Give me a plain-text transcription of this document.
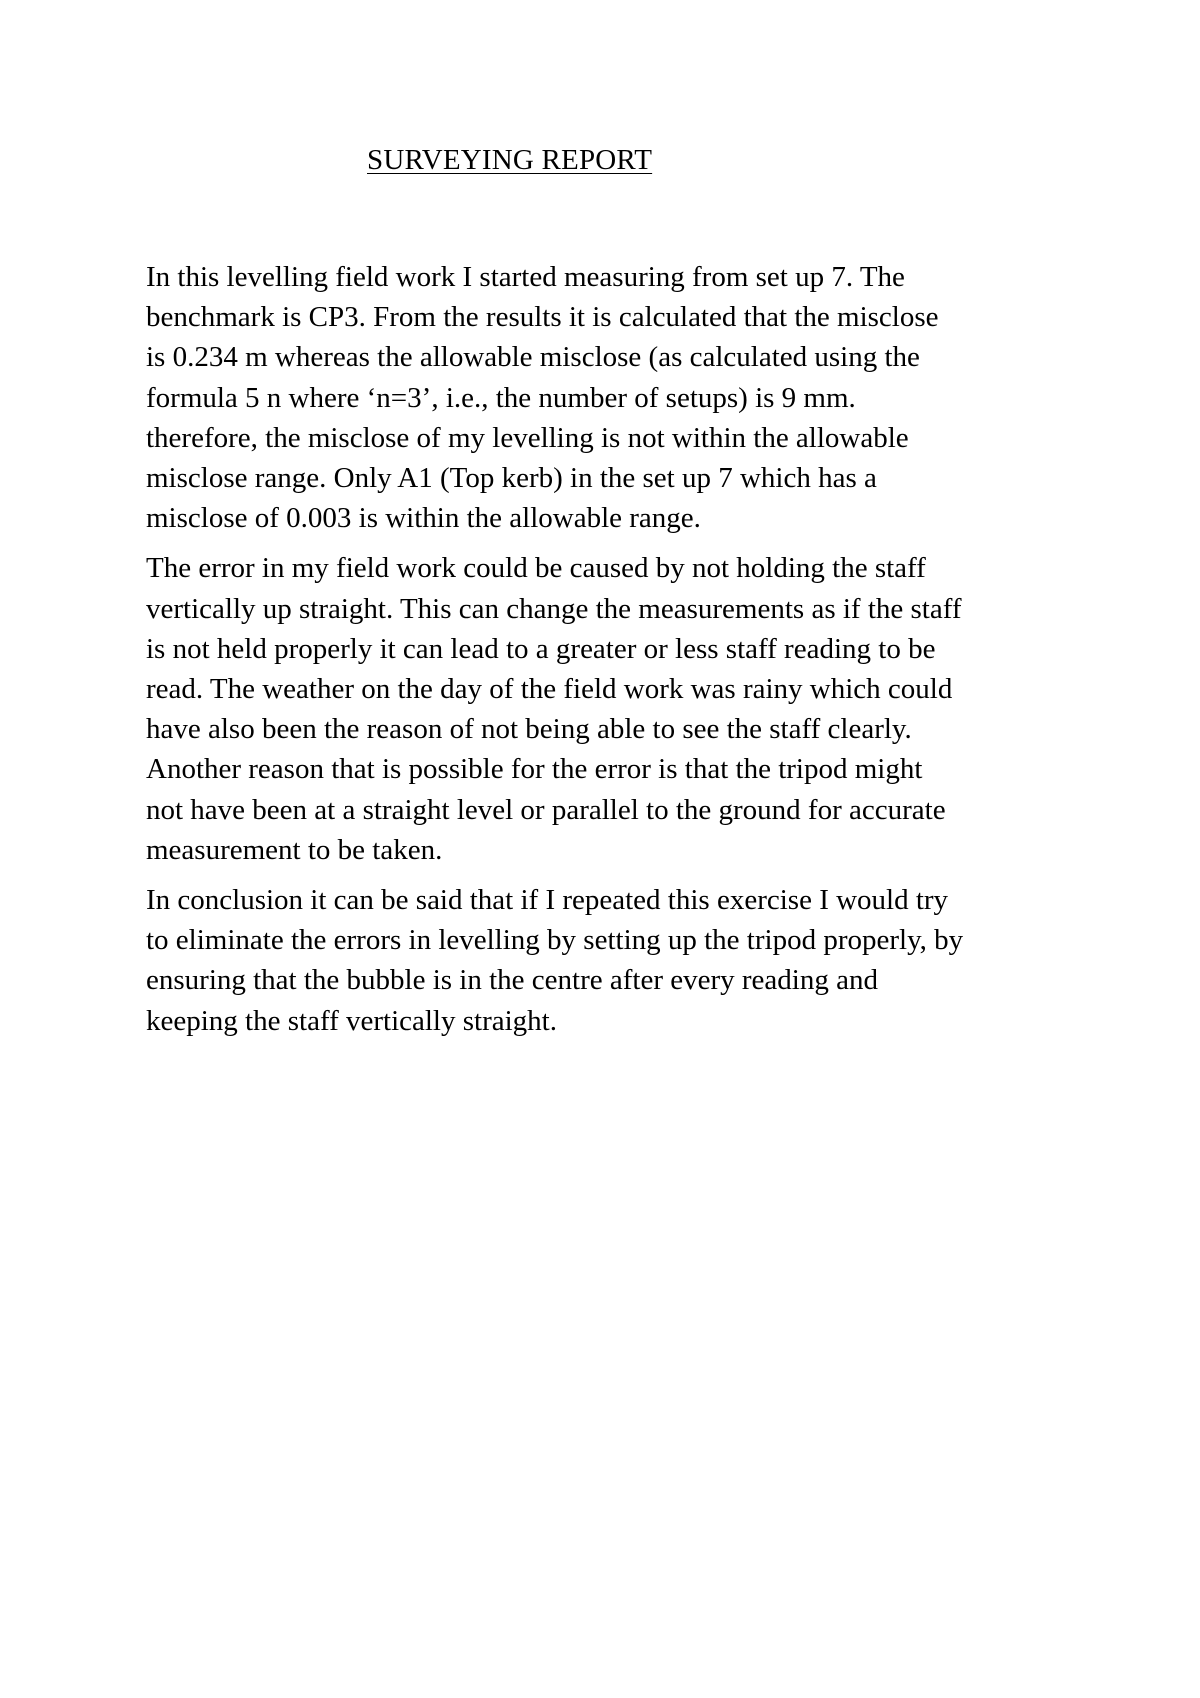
SURVEYING REPORT

In this levelling field work I started measuring from set up 7. The
benchmark is CP3. From the results it is calculated that the misclose
is 0.234 m whereas the allowable misclose (as calculated using the
formula 5 n where ‘n=3’, i.e., the number of setups) is 9 mm.
therefore, the misclose of my levelling is not within the allowable
misclose range. Only A1 (Top kerb) in the set up 7 which has a
misclose of 0.003 is within the allowable range.

The error in my field work could be caused by not holding the staff
vertically up straight. This can change the measurements as if the staff
is not held properly it can lead to a greater or less staff reading to be
read. The weather on the day of the field work was rainy which could
have also been the reason of not being able to see the staff clearly.
Another reason that is possible for the error is that the tripod might
not have been at a straight level or parallel to the ground for accurate
measurement to be taken.

In conclusion it can be said that if I repeated this exercise I would try
to eliminate the errors in levelling by setting up the tripod properly, by
ensuring that the bubble is in the centre after every reading and
keeping the staff vertically straight.
